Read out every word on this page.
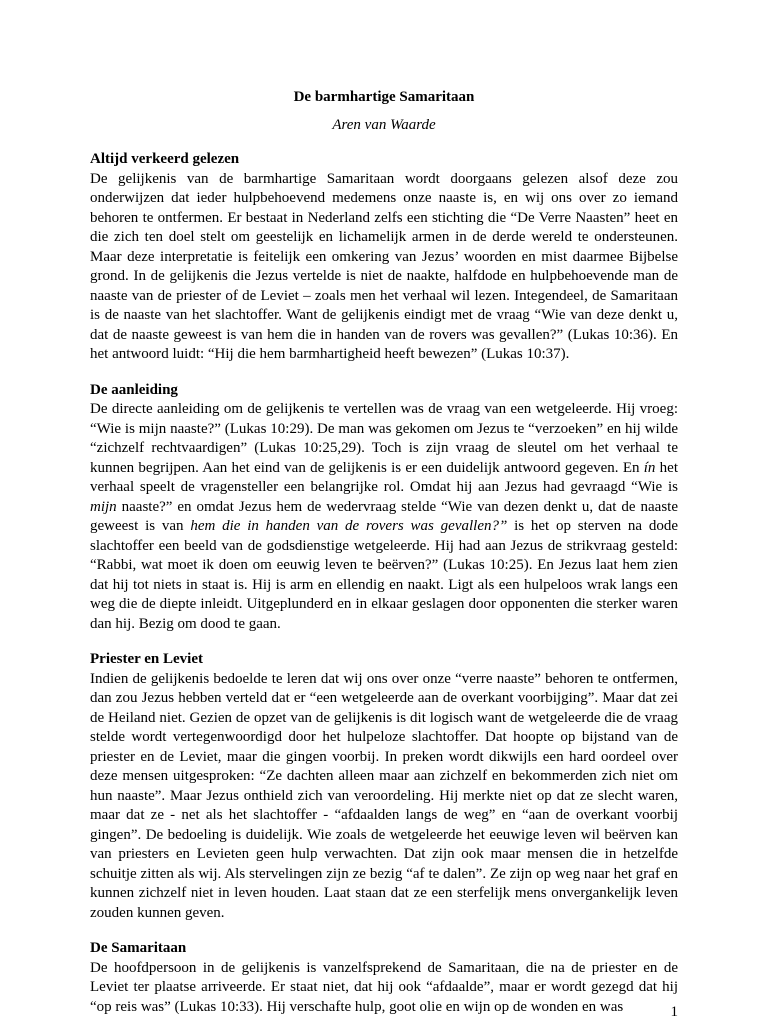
De barmhartige Samaritaan

Aren van Waarde

Altijd verkeerd gelezen

De gelijkenis van de barmhartige Samaritaan wordt doorgaans gelezen alsof deze zou onderwijzen dat ieder hulpbehoevend medemens onze naaste is, en wij ons over zo iemand behoren te ontfermen. Er bestaat in Nederland zelfs een stichting die “De Verre Naasten” heet en die zich ten doel stelt om geestelijk en lichamelijk armen in de derde wereld te ondersteunen. Maar deze interpretatie is feitelijk een omkering van Jezus’ woorden en mist daarmee Bijbelse grond. In de gelijkenis die Jezus vertelde is niet de naakte, halfdode en hulpbehoevende man de naaste van de priester of de Leviet – zoals men het verhaal wil lezen. Integendeel, de Samaritaan is de naaste van het slachtoffer. Want de gelijkenis eindigt met de vraag “Wie van deze denkt u, dat de naaste geweest is van hem die in handen van de rovers was gevallen?” (Lukas 10:36). En het antwoord luidt: “Hij die hem barmhartigheid heeft bewezen” (Lukas 10:37).

De aanleiding

De directe aanleiding om de gelijkenis te vertellen was de vraag van een wetgeleerde. Hij vroeg: “Wie is mijn naaste?” (Lukas 10:29). De man was gekomen om Jezus te “verzoeken” en hij wilde “zichzelf rechtvaardigen” (Lukas 10:25,29). Toch is zijn vraag de sleutel om het verhaal te kunnen begrijpen. Aan het eind van de gelijkenis is er een duidelijk antwoord gegeven. En ín het verhaal speelt de vragensteller een belangrijke rol. Omdat hij aan Jezus had gevraagd “Wie is mijn naaste?” en omdat Jezus hem de wedervraag stelde “Wie van dezen denkt u, dat de naaste geweest is van hem die in handen van de rovers was gevallen?” is het op sterven na dode slachtoffer een beeld van de godsdienstige wetgeleerde. Hij had aan Jezus de strikvraag gesteld: “Rabbi, wat moet ik doen om eeuwig leven te beërven?” (Lukas 10:25). En Jezus laat hem zien dat hij tot niets in staat is. Hij is arm en ellendig en naakt. Ligt als een hulpeloos wrak langs een weg die de diepte inleidt. Uitgeplunderd en in elkaar geslagen door opponenten die sterker waren dan hij. Bezig om dood te gaan.

Priester en Leviet

Indien de gelijkenis bedoelde te leren dat wij ons over onze “verre naaste” behoren te ontfermen, dan zou Jezus hebben verteld dat er “een wetgeleerde aan de overkant voorbijging”. Maar dat zei de Heiland niet. Gezien de opzet van de gelijkenis is dit logisch want de wetgeleerde die de vraag stelde wordt vertegenwoordigd door het hulpeloze slachtoffer. Dat hoopte op bijstand van de priester en de Leviet, maar die gingen voorbij. In preken wordt dikwijls een hard oordeel over deze mensen uitgesproken: “Ze dachten alleen maar aan zichzelf en bekommerden zich niet om hun naaste”. Maar Jezus onthield zich van veroordeling. Hij merkte niet op dat ze slecht waren, maar dat ze - net als het slachtoffer - “afdaalden langs de weg” en “aan de overkant voorbij gingen”. De bedoeling is duidelijk. Wie zoals de wetgeleerde het eeuwige leven wil beërven kan van priesters en Levieten geen hulp verwachten. Dat zijn ook maar mensen die in hetzelfde schuitje zitten als wij. Als stervelingen zijn ze bezig “af te dalen”. Ze zijn op weg naar het graf en kunnen zichzelf niet in leven houden. Laat staan dat ze een sterfelijk mens onvergankelijk leven zouden kunnen geven.

De Samaritaan

De hoofdpersoon in de gelijkenis is vanzelfsprekend de Samaritaan, die na de priester en de Leviet ter plaatse arriveerde. Er staat niet, dat hij ook “afdaalde”, maar er wordt gezegd dat hij “op reis was” (Lukas 10:33). Hij verschafte hulp, goot olie en wijn op de wonden en was	1
